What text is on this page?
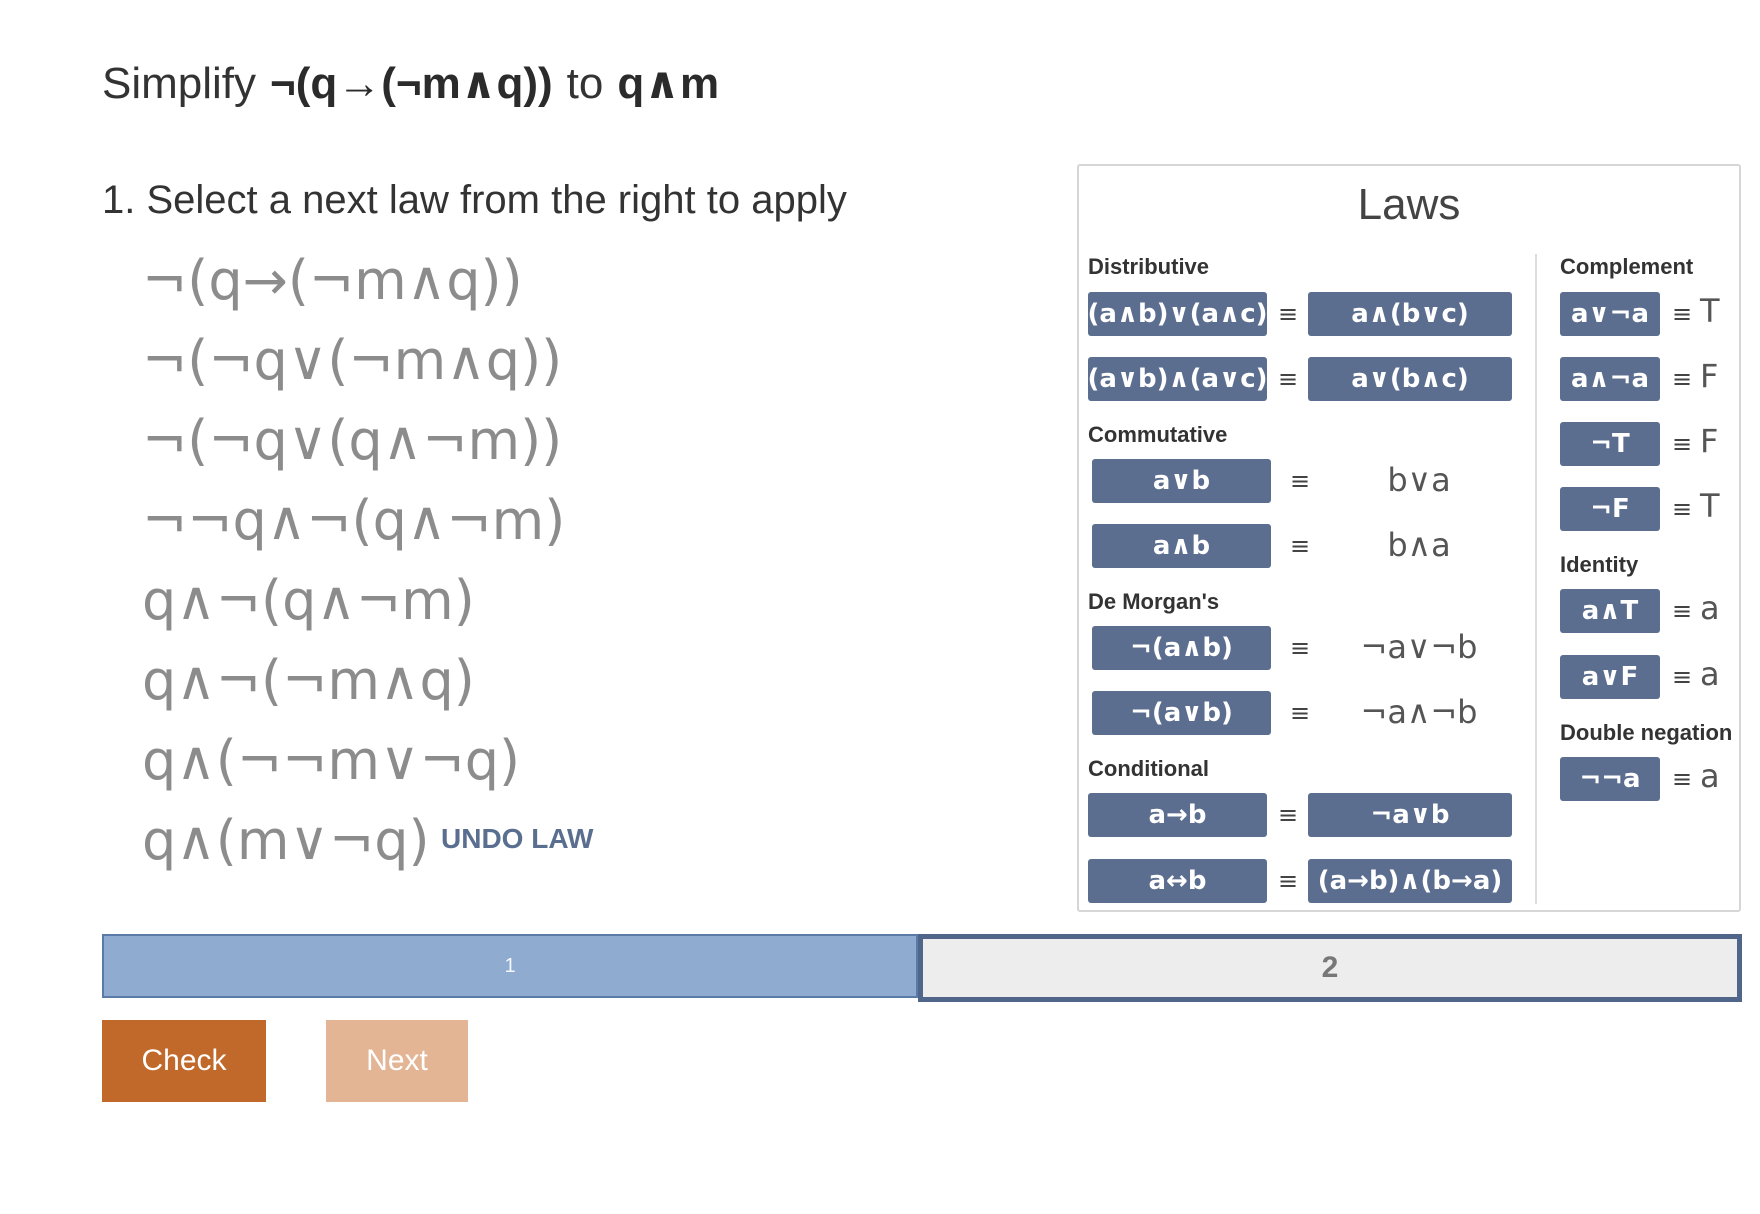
Simplify ¬(q→(¬m∧q)) to q∧m
1. Select a next law from the right to apply
¬(q→(¬m∧q))
¬(¬q∨(¬m∧q))
¬(¬q∨(q∧¬m))
¬¬q∧¬(q∧¬m)
q∧¬(q∧¬m)
q∧¬(¬m∧q)
q∧(¬¬m∨¬q)
q∧(m∨¬q) UNDO LAW
Laws
Distributive
(a∧b)∨(a∧c) ≡	a∧(b∨c)
(a∨b)∧(a∨c) ≡	a∨(b∧c)
Commutative
a∨b	≡	b∨a
a∧b	≡	b∧a
De Morgan's
¬(a∧b)	≡	¬a∨¬b
¬(a∨b)	≡	¬a∧¬b
Conditional
a→b	≡	¬a∨b
a↔b	≡ (a→b)∧(b→a)
Complement
a∨¬a ≡ T
a∧¬a ≡ F
¬T	≡ F
¬F	≡ T
Identity
a∧T	≡ a
a∨F	≡ a
Double negation
¬¬a	≡ a
1	2
Check	Next
